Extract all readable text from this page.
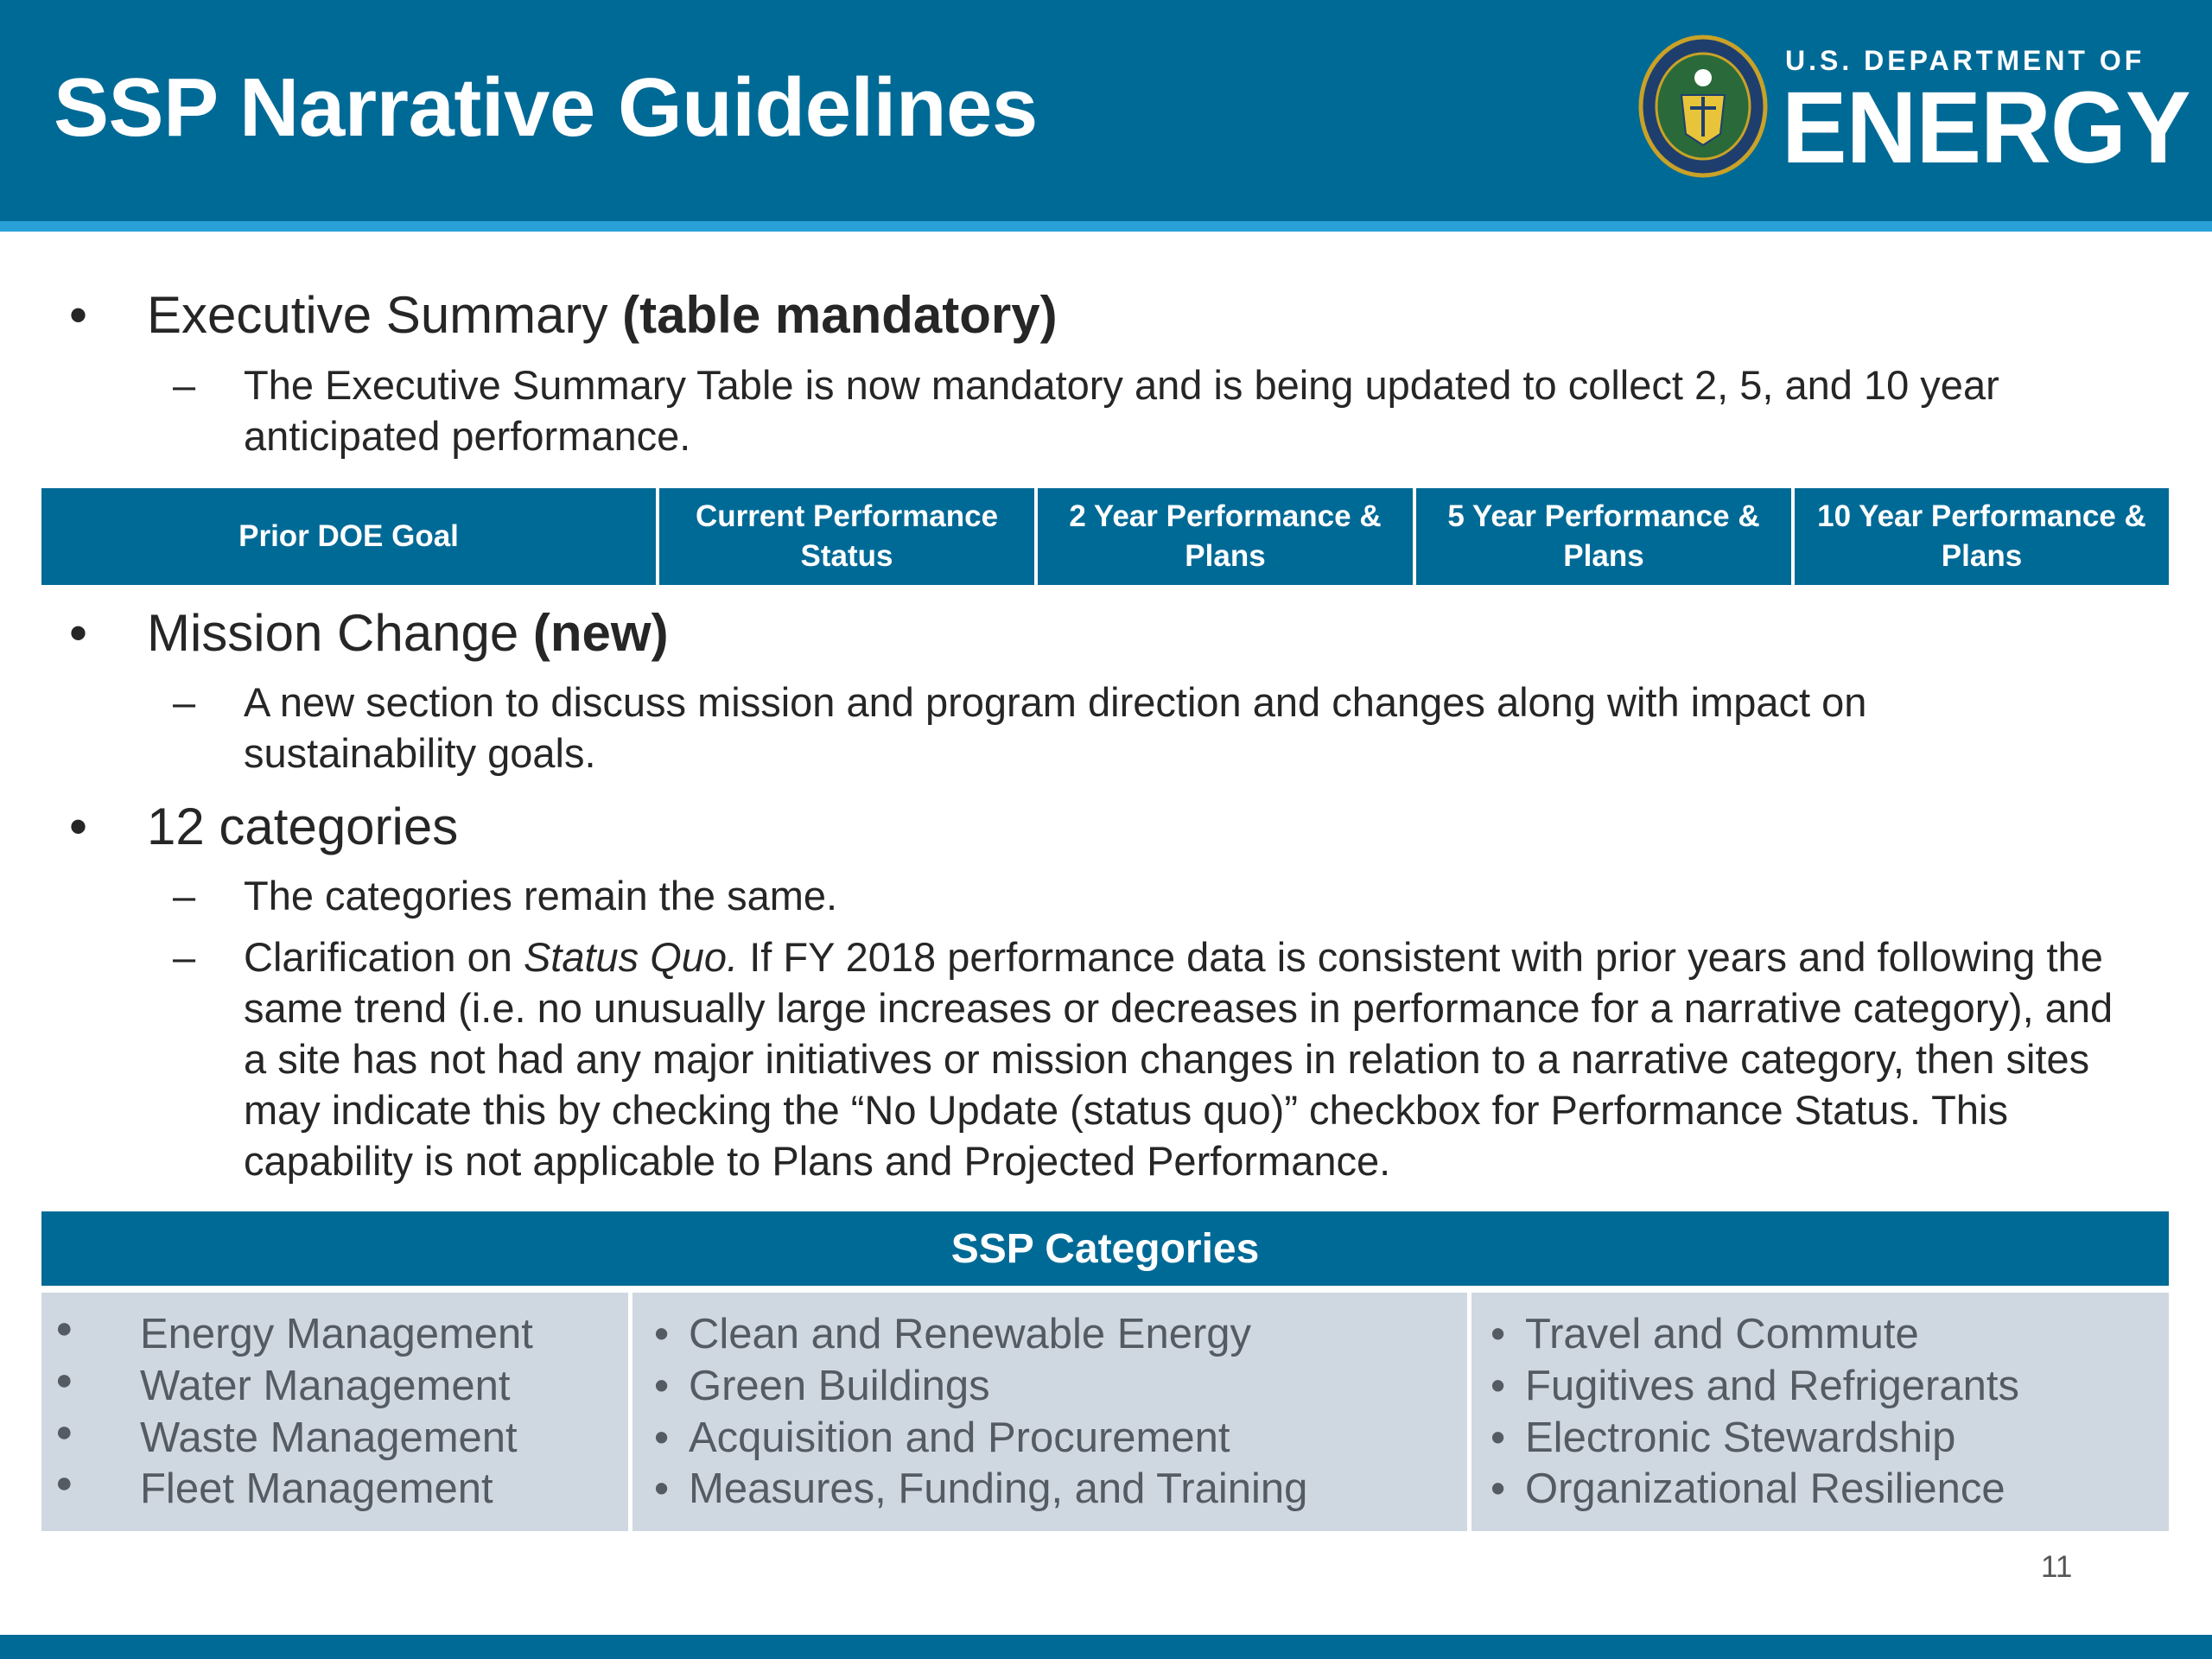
SSP Narrative Guidelines
U.S. DEPARTMENT OF
ENERGY
• Executive Summary (table mandatory)
– The Executive Summary Table is now mandatory and is being updated to collect 2, 5, and 10 year anticipated performance.
Prior DOE Goal
Current Performance Status
2 Year Performance & Plans
5 Year Performance & Plans
10 Year Performance & Plans
• Mission Change (new)
– A new section to discuss mission and program direction and changes along with impact on sustainability goals.
• 12 categories
– The categories remain the same.
– Clarification on Status Quo. If FY 2018 performance data is consistent with prior years and following the same trend (i.e. no unusually large increases or decreases in performance for a narrative category), and a site has not had any major initiatives or mission changes in relation to a narrative category, then sites may indicate this by checking the “No Update (status quo)” checkbox for Performance Status. This capability is not applicable to Plans and Projected Performance.
SSP Categories
● Energy Management
● Water Management
● Waste Management
● Fleet Management
• Clean and Renewable Energy
• Green Buildings
• Acquisition and Procurement
• Measures, Funding, and Training
• Travel and Commute
• Fugitives and Refrigerants
• Electronic Stewardship
• Organizational Resilience
11
